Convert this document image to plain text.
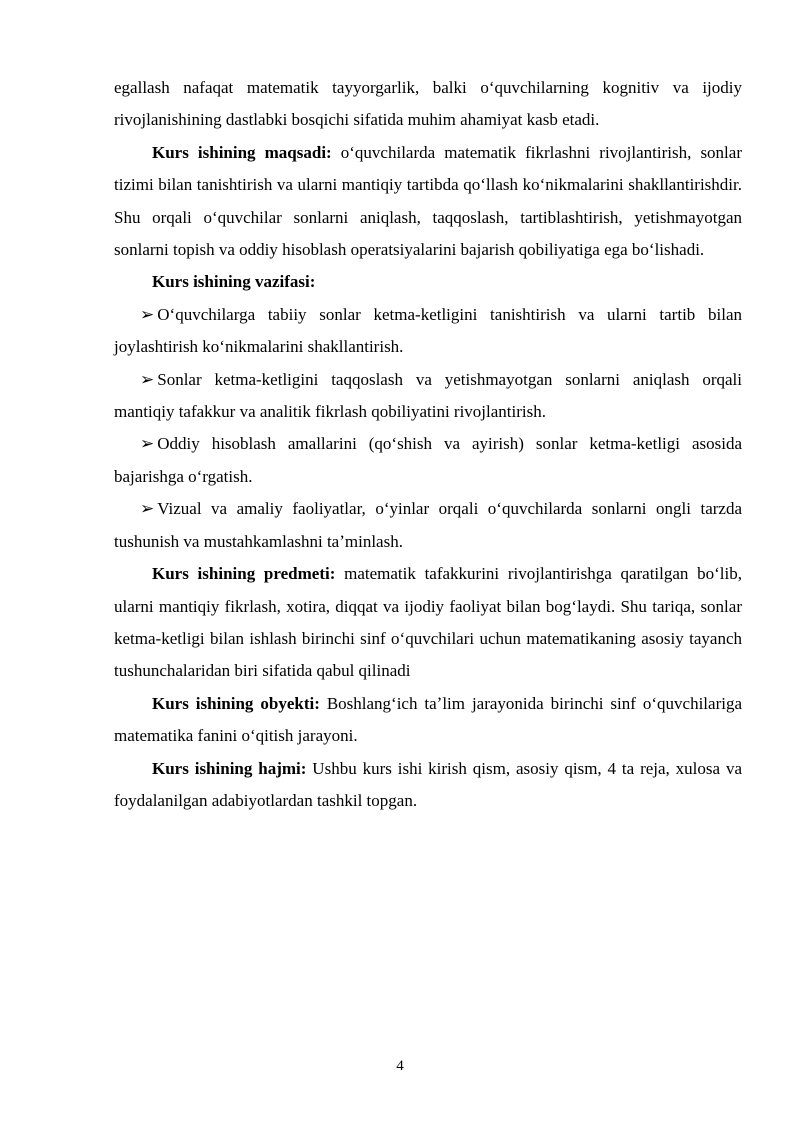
egallash nafaqat matematik tayyorgarlik, balki oʻquvchilarning kognitiv va ijodiy rivojlanishining dastlabki bosqichi sifatida muhim ahamiyat kasb etadi.

Kurs ishining maqsadi: oʻquvchilarda matematik fikrlashni rivojlantirish, sonlar tizimi bilan tanishtirish va ularni mantiqiy tartibda qoʻllash koʻnikmalarini shakllantirishdir. Shu orqali oʻquvchilar sonlarni aniqlash, taqqoslash, tartiblashtirish, yetishmayotgan sonlarni topish va oddiy hisoblash operatsiyalarini bajarish qobiliyatiga ega boʻlishadi.

Kurs ishining vazifasi:

➢ Oʻquvchilarga tabiiy sonlar ketma-ketligini tanishtirish va ularni tartib bilan joylashtirish koʻnikmalarini shakllantirish.

➢ Sonlar ketma-ketligini taqqoslash va yetishmayotgan sonlarni aniqlash orqali mantiqiy tafakkur va analitik fikrlash qobiliyatini rivojlantirish.

➢ Oddiy hisoblash amallarini (qoʻshish va ayirish) sonlar ketma-ketligi asosida bajarishga oʻrgatish.

➢ Vizual va amaliy faoliyatlar, oʻyinlar orqali oʻquvchilarda sonlarni ongli tarzda tushunish va mustahkamlashni taʼminlash.

Kurs ishining predmeti: matematik tafakkurini rivojlantirishga qaratilgan boʻlib, ularni mantiqiy fikrlash, xotira, diqqat va ijodiy faoliyat bilan bogʻlaydi. Shu tariqa, sonlar ketma-ketligi bilan ishlash birinchi sinf oʻquvchilari uchun matematikaning asosiy tayanch tushunchalaridan biri sifatida qabul qilinadi

Kurs ishining obyekti: Boshlangʻich taʼlim jarayonida birinchi sinf oʻquvchilariga matematika fanini oʻqitish jarayoni.

Kurs ishining hajmi: Ushbu kurs ishi kirish qism, asosiy qism, 4 ta reja, xulosa va foydalanilgan adabiyotlardan tashkil topgan.

4
